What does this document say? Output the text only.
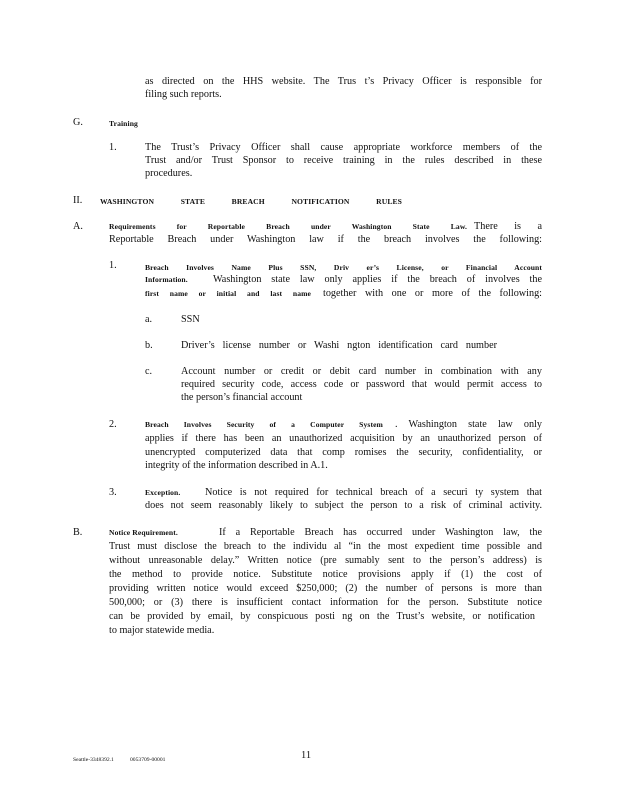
as directed on the HHS website. The Trus t’s Privacy Officer is responsible for
filing such reports.
G.	Training
1.	The Trust’s Privacy Officer shall cause appropriate workforce members of the
Trust and/or Trust Sponsor to receive training in the rules described in these
procedures.
II. WASHINGTON STATE BREACH NOTIFICATION RULES
A.	Requirements for Reportable Breach under Washington State Law. There is a
Reportable Breach under Washington law if the breach involves the following:
1.	Breach Involves Name Plus SSN, Driv er’s License, or Financial Account
Information.	Washington state law only applies if the breach of involves the
first name or initial and last name	together with one or more of the following:
a.	SSN
b.	Driver’s license number or Washi ngton identification card number
c.	Account number or credit or debit card number in combination with any
required security code, access code or password that would permit access to
the person’s financial account
2.	Breach Involves Security of a Computer System	. Washington state law only
applies if there has been an unauthorized acquisition by an unauthorized person of
unencrypted computerized data that comp romises the security, confidentiality, or
integrity of the information described in A.1.
3.	Exception.	Notice is not required for technical breach of a securi ty system that
does not seem reasonably likely to subject the person to a risk of criminal activity.
B.	Notice Requirement.	If a Reportable Breach has occurred under Washington law, the
Trust must disclose the breach to the individu al “in the most expedient time possible and
without unreasonable delay.” Written notice (pre sumably sent to the person’s address) is
the method to provide notice. Substitute notice provisions apply if (1) the cost of
providing written notice would exceed $250,000; (2) the number of persons is more than
500,000; or (3) there is insufficient contact information for the person. Substitute notice
can be provided by email, by conspicuous posti ng on the Trust’s website, or notification
to major statewide media.
Seattle-3348392.1	0053709-00001	11
